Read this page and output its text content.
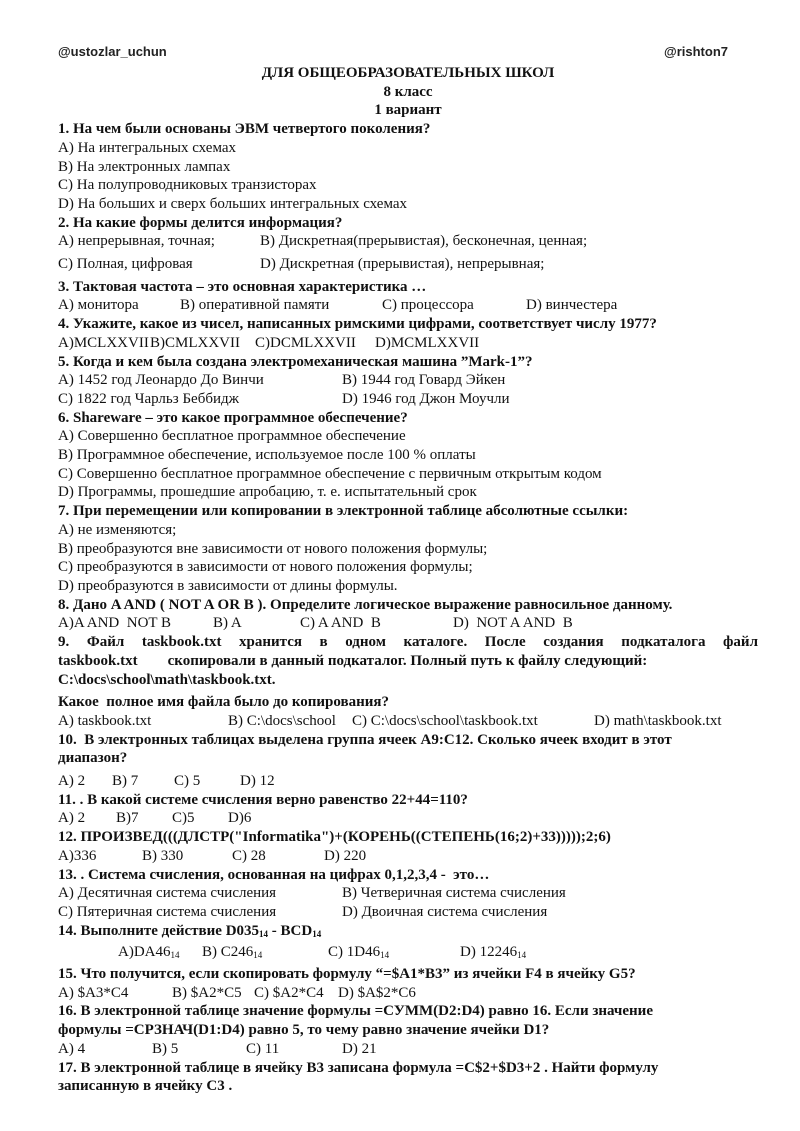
@ustozlar_uchun	@rishton7
ДЛЯ ОБЩЕОБРАЗОВАТЕЛЬНЫХ ШКОЛ
8 класс
1 вариант
1. На чем были основаны ЭВМ четвертого поколения?
A) На интегральных схемах
B) На электронных лампах
C) На полупроводниковых транзисторах
D) На больших и сверх больших интегральных схемах
2. На какие формы делится информация?
A) непрерывная, точная;	B) Дискретная(прерывистая), бесконечная, ценная;
C) Полная, цифровая	D) Дискретная (прерывистая), непрерывная;
3. Тактовая частота – это основная характеристика …
A) монитора	B) оперативной памяти	C) процессора	D) винчестера
4. Укажите, какое из чисел, написанных римскими цифрами, соответствует числу 1977?
A)MCLXXVII B)CMLXXVII	C)DCMLXXVII	D)MCMLXXVII
5. Когда и кем была создана электромеханическая машина ”Mark-1”?
A) 1452 год Леонардо До Винчи	B) 1944 год Говард Эйкен
C) 1822 год Чарльз Беббидж	D) 1946 год Джон Моучли
6. Shareware – это какое программное обеспечение?
A) Совершенно бесплатное программное обеспечение
B) Программное обеспечение, используемое после 100 % оплаты
C) Совершенно бесплатное программное обеспечение с первичным открытым кодом
D) Программы, прошедшие апробацию, т. е. испытательный срок
7. При перемещении или копировании в электронной таблице абсолютные ссылки:
A) не изменяются;
B) преобразуются вне зависимости от нового положения формулы;
C) преобразуются в зависимости от нового положения формулы;
D) преобразуются в зависимости от длины формулы.
8. Дано A AND ( NOT A OR B ). Определите логическое выражение равносильное данному.
A)A AND  NOT B	B) A	C) A AND  B	D)  NOT A AND  B
9. Файл taskbook.txt хранится в одном каталоге. После создания подкаталога файл
taskbook.txt        скопировали в данный подкаталог. Полный путь к файлу следующий:
C:\docs\school\math\taskbook.txt.
Какое  полное имя файла было до копирования?
A) taskbook.txt	B) C:\docs\school	C) C:\docs\school\taskbook.txt	D) math\taskbook.txt
10.  В электронных таблицах выделена группа ячеек A9:C12. Сколько ячеек входит в этот
диапазон?
A) 2	B) 7	C) 5	D) 12
11. . В какой системе счисления верно равенство 22+44=110?
A) 2	B)7	C)5	D)6
12. ПРОИЗВЕД(((ДЛСТР("Informatika")+(КОРЕНЬ((СТЕПЕНЬ(16;2)+33)))));2;6)
A)336	B) 330	C) 28	D) 220
13. . Система счисления, основанная на цифрах 0,1,2,3,4 -  это…
A) Десятичная система счисления	B) Четверичная система счисления
C) Пятеричная система счисления	D) Двоичная система счисления
14. Выполните действие $D035_{14} - BCD_{14}$
$A)DA46_{14}$	B) $C246_{14}$	C) $1D46_{14}$	D) $12246_{14}$
15. Что получится, если скопировать формулу “=$A1*B3” из ячейки F4 в ячейку G5?
A) $A3*C4	B) $A2*C5 C) $A2*C4 D) $A$2*C6
16. В электронной таблице значение формулы =СУММ(D2:D4) равно 16. Если значение
формулы =СРЗНАЧ(D1:D4) равно 5, то чему равно значение ячейки D1?
A) 4	B) 5	C) 11	D) 21
17. В электронной таблице в ячейку B3 записана формула =C$2+$D3+2 . Найти формулу
записанную в ячейку C3 .
